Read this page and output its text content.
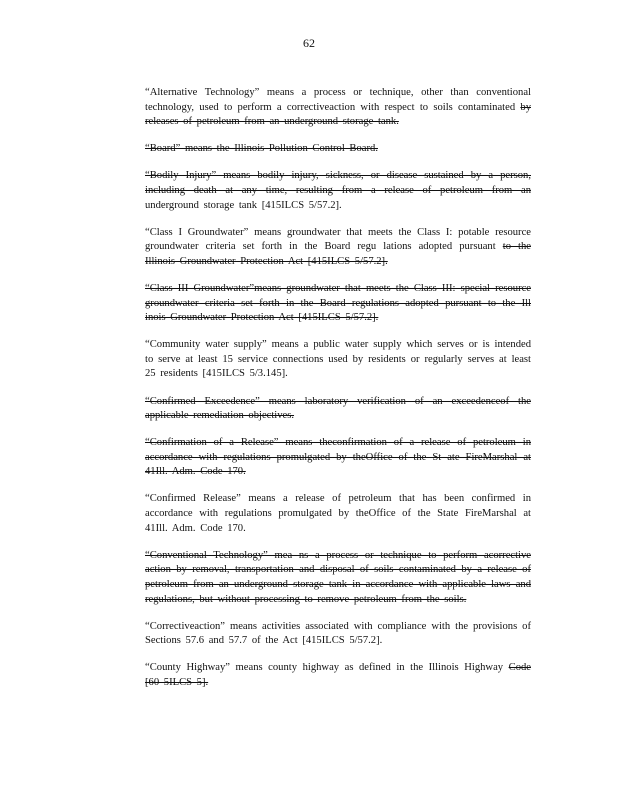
62

“Alternative Technology” means a process or technique, other than conventional technology, used to perform a correctiveaction with respect to soils contaminated by releases of petroleum from an underground storage tank.

“Board” means the Illinois Pollution Control Board.

“Bodily Injury” means bodily injury, sickness, or disease sustained by a person, including death at any time, resulting from a release of petroleum from an underground storage tank [415ILCS 5/57.2].

“Class I Groundwater” means groundwater that meets the Class I: potable resource groundwater criteria set forth in the Board regu lations adopted pursuant to the Illinois Groundwater Protection Act [415ILCS 5/57.2].

“Class III Groundwater”means groundwater that meets the Class III: special resource groundwater criteria set forth in the Board regulations adopted pursuant to the Ill inois Groundwater Protection Act [415ILCS 5/57.2].

“Community water supply” means a public water supply which serves or is intended to serve at least 15 service connections used by residents or regularly serves at least 25 residents [415ILCS 5/3.145].

“Confirmed Exceedence” means laboratory verification of an exceedenceof the applicable remediation objectives.

“Confirmation of a Release” means theconfirmation of a release of petroleum in accordance with regulations promulgated by theOffice of the St ate FireMarshal at 41Ill. Adm. Code 170.

“Confirmed Release” means a release of petroleum that has been confirmed in accordance with regulations promulgated by theOffice of the State FireMarshal at 41Ill. Adm. Code 170.

“Conventional Technology” mea ns a process or technique to perform acorrective action by removal, transportation and disposal of soils contaminated by a release of petroleum from an underground storage tank in accordance with applicable laws and regulations, but without processing to remove petroleum from the soils.

“Correctiveaction” means activities associated with compliance with the provisions of Sections 57.6 and 57.7 of the Act [415ILCS 5/57.2].

“County Highway” means county highway as defined in the Illinois Highway Code [60 5ILCS 5].
